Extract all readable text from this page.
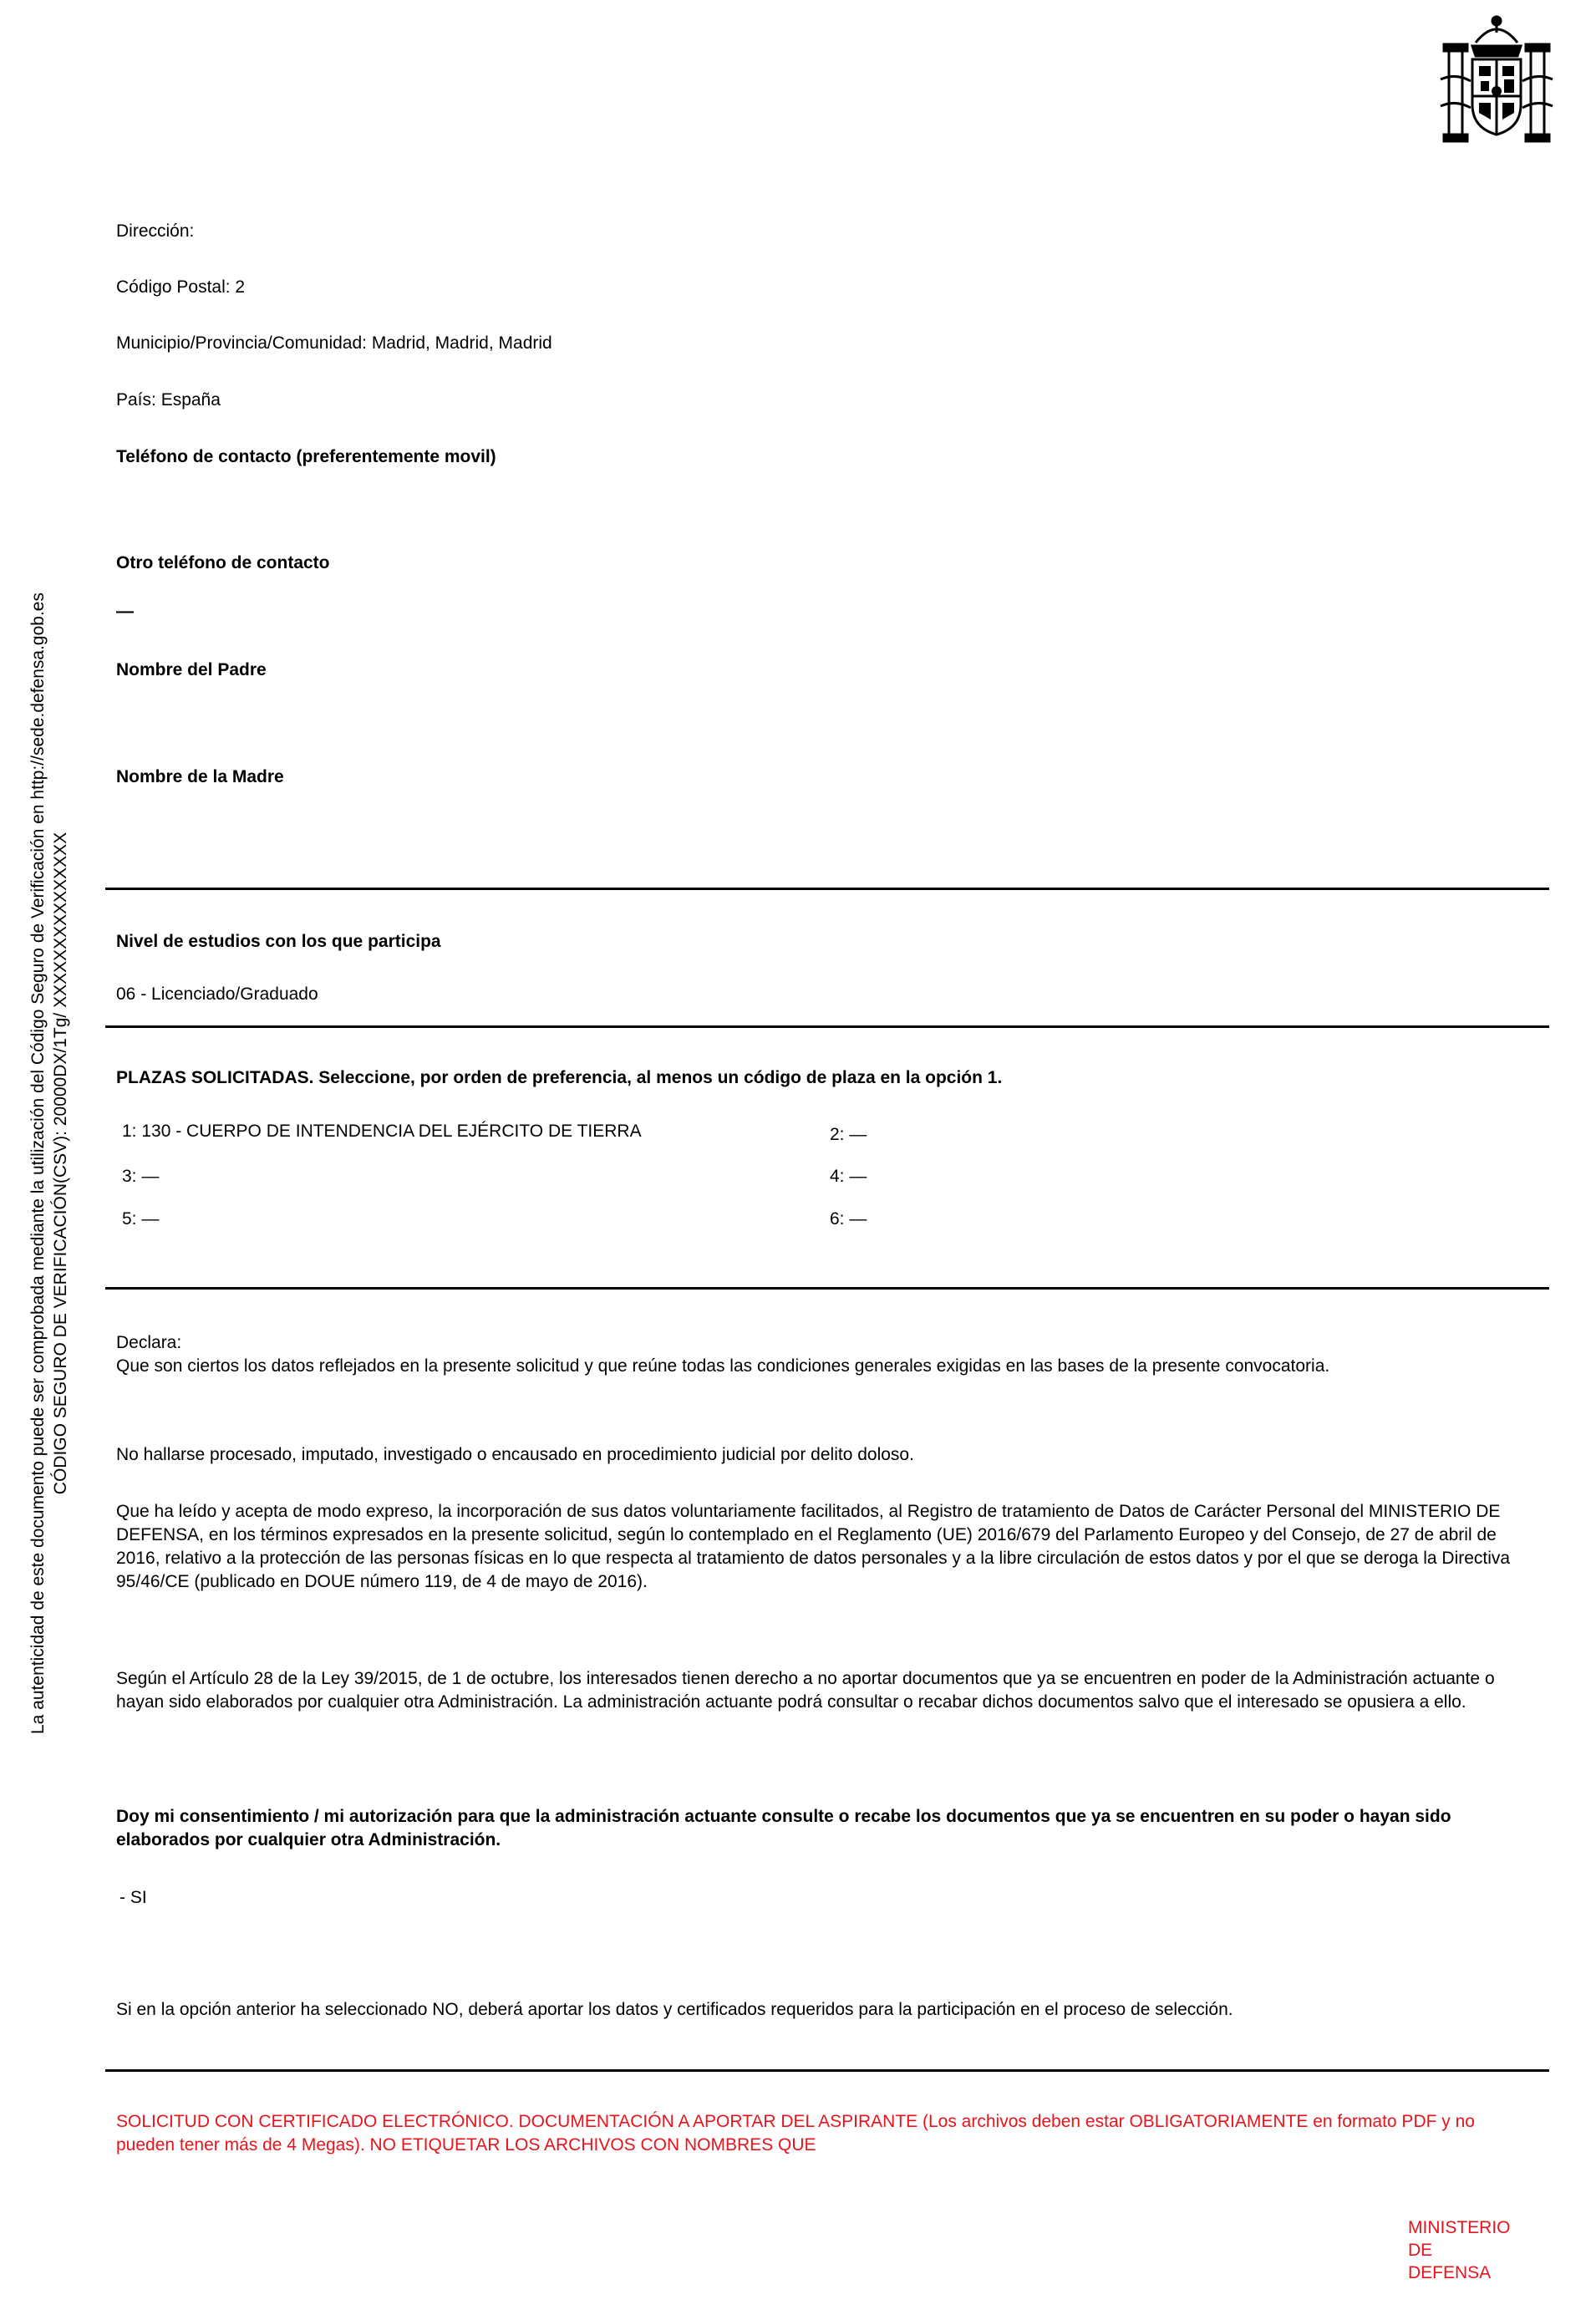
La autenticidad de este documento puede ser comprobada mediante la utilización del Código Seguro de Verificación en http://sede.defensa.gob.es CÓDIGO SEGURO DE VERIFICACIÓN(CSV): 20000DX/1Tg/ XXXXXXXXXXXXXXX
Dirección:
Código Postal: 2
Municipio/Provincia/Comunidad: Madrid, Madrid, Madrid
País: España
Teléfono de contacto (preferentemente movil)
Otro teléfono de contacto
—
Nombre del Padre
Nombre de la Madre
Nivel de estudios con los que participa
06 - Licenciado/Graduado
PLAZAS SOLICITADAS. Seleccione, por orden de preferencia, al menos un código de plaza en la opción 1.
1: 130 - CUERPO DE INTENDENCIA DEL EJÉRCITO DE TIERRA	2: —
3: —	4: —
5: —	6: —
Declara:
Que son ciertos los datos reflejados en la presente solicitud y que reúne todas las condiciones generales exigidas en las bases de la presente convocatoria.
No hallarse procesado, imputado, investigado o encausado en procedimiento judicial por delito doloso.
Que ha leído y acepta de modo expreso, la incorporación de sus datos voluntariamente facilitados, al Registro de tratamiento de Datos de Carácter Personal del MINISTERIO DE DEFENSA, en los términos expresados en la presente solicitud, según lo contemplado en el Reglamento (UE) 2016/679 del Parlamento Europeo y del Consejo, de 27 de abril de 2016, relativo a la protección de las personas físicas en lo que respecta al tratamiento de datos personales y a la libre circulación de estos datos y por el que se deroga la Directiva 95/46/CE (publicado en DOUE número 119, de 4 de mayo de 2016).
Según el Artículo 28 de la Ley 39/2015, de 1 de octubre, los interesados tienen derecho a no aportar documentos que ya se encuentren en poder de la Administración actuante o hayan sido elaborados por cualquier otra Administración. La administración actuante podrá consultar o recabar dichos documentos salvo que el interesado se opusiera a ello.
Doy mi consentimiento / mi autorización para que la administración actuante consulte o recabe los documentos que ya se encuentren en su poder o hayan sido elaborados por cualquier otra Administración.
- SI
Si en la opción anterior ha seleccionado NO, deberá aportar los datos y certificados requeridos para la participación en el proceso de selección.
SOLICITUD CON CERTIFICADO ELECTRÓNICO. DOCUMENTACIÓN A APORTAR DEL ASPIRANTE (Los archivos deben estar OBLIGATORIAMENTE en formato PDF y no pueden tener más de 4 Megas). NO ETIQUETAR LOS ARCHIVOS CON NOMBRES QUE
MINISTERIO
DE
DEFENSA
